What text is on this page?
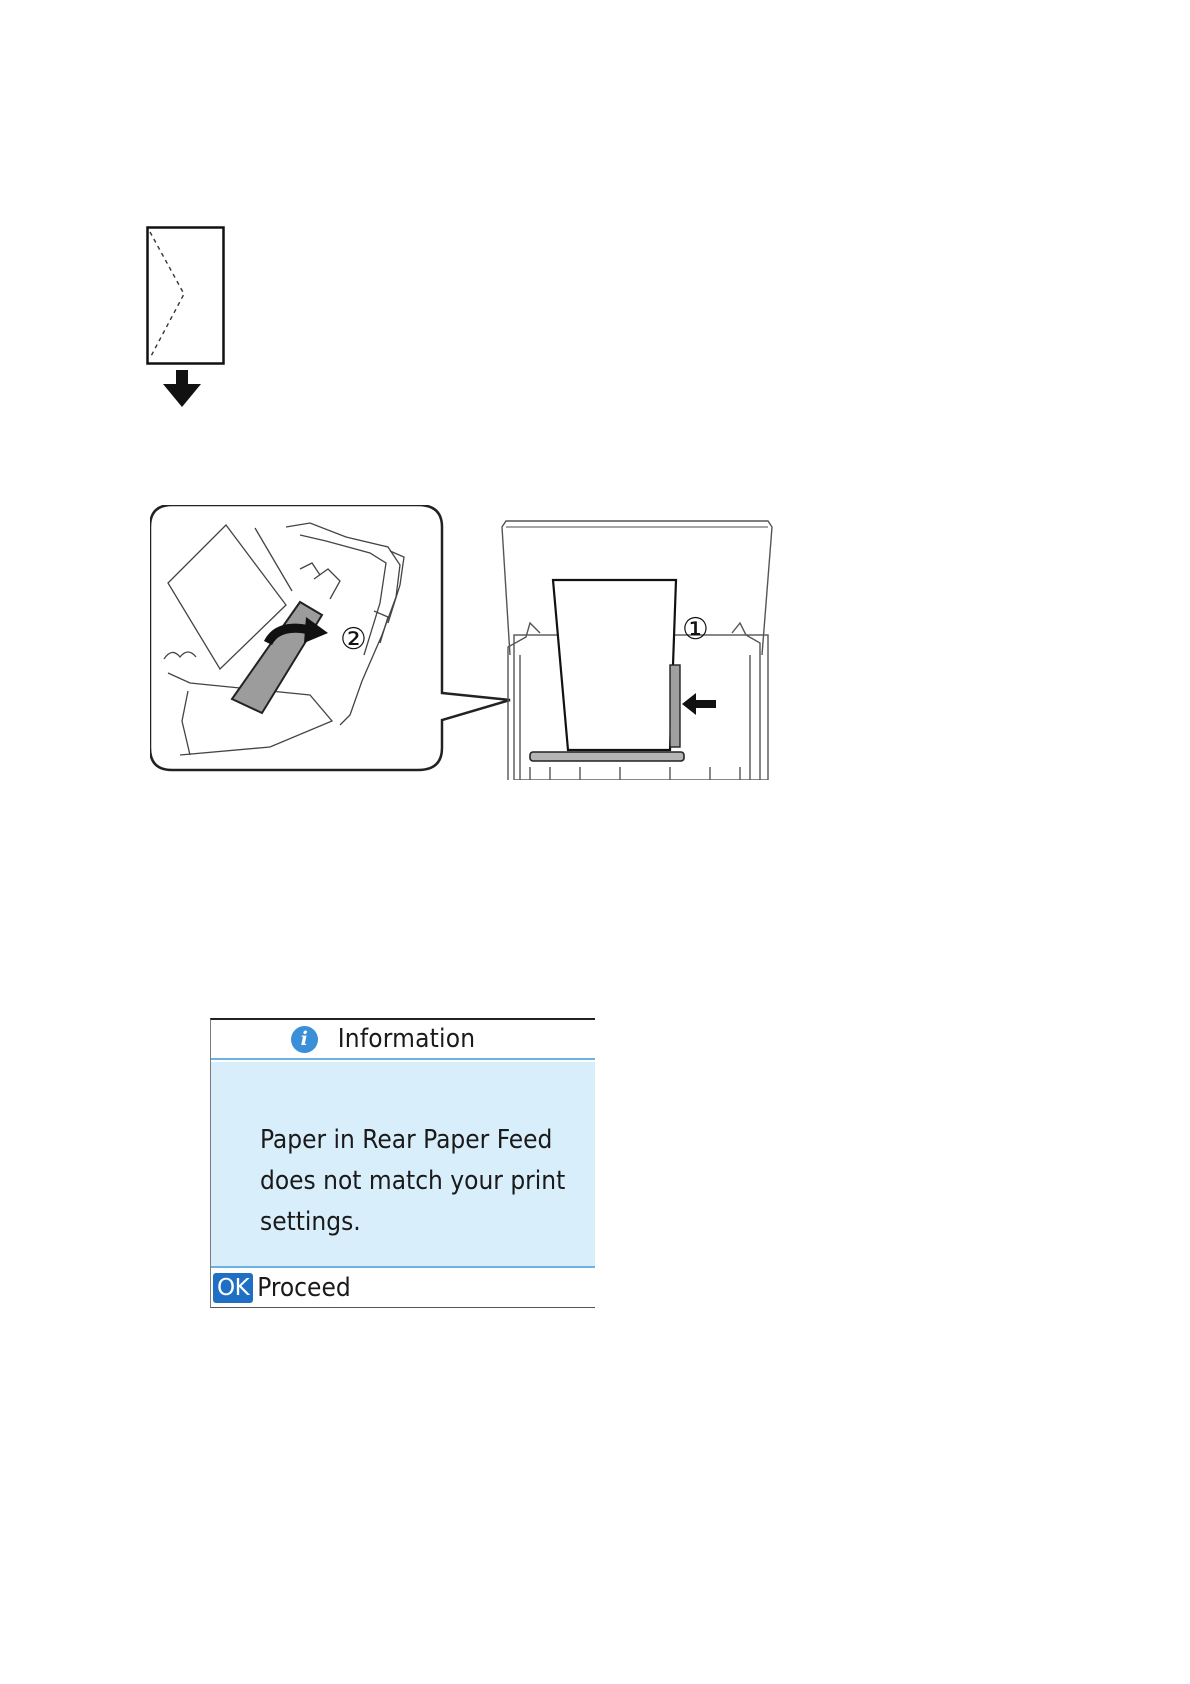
②	①
i	Information

Paper in Rear Paper Feed
does not match your print
settings.

OK Proceed
